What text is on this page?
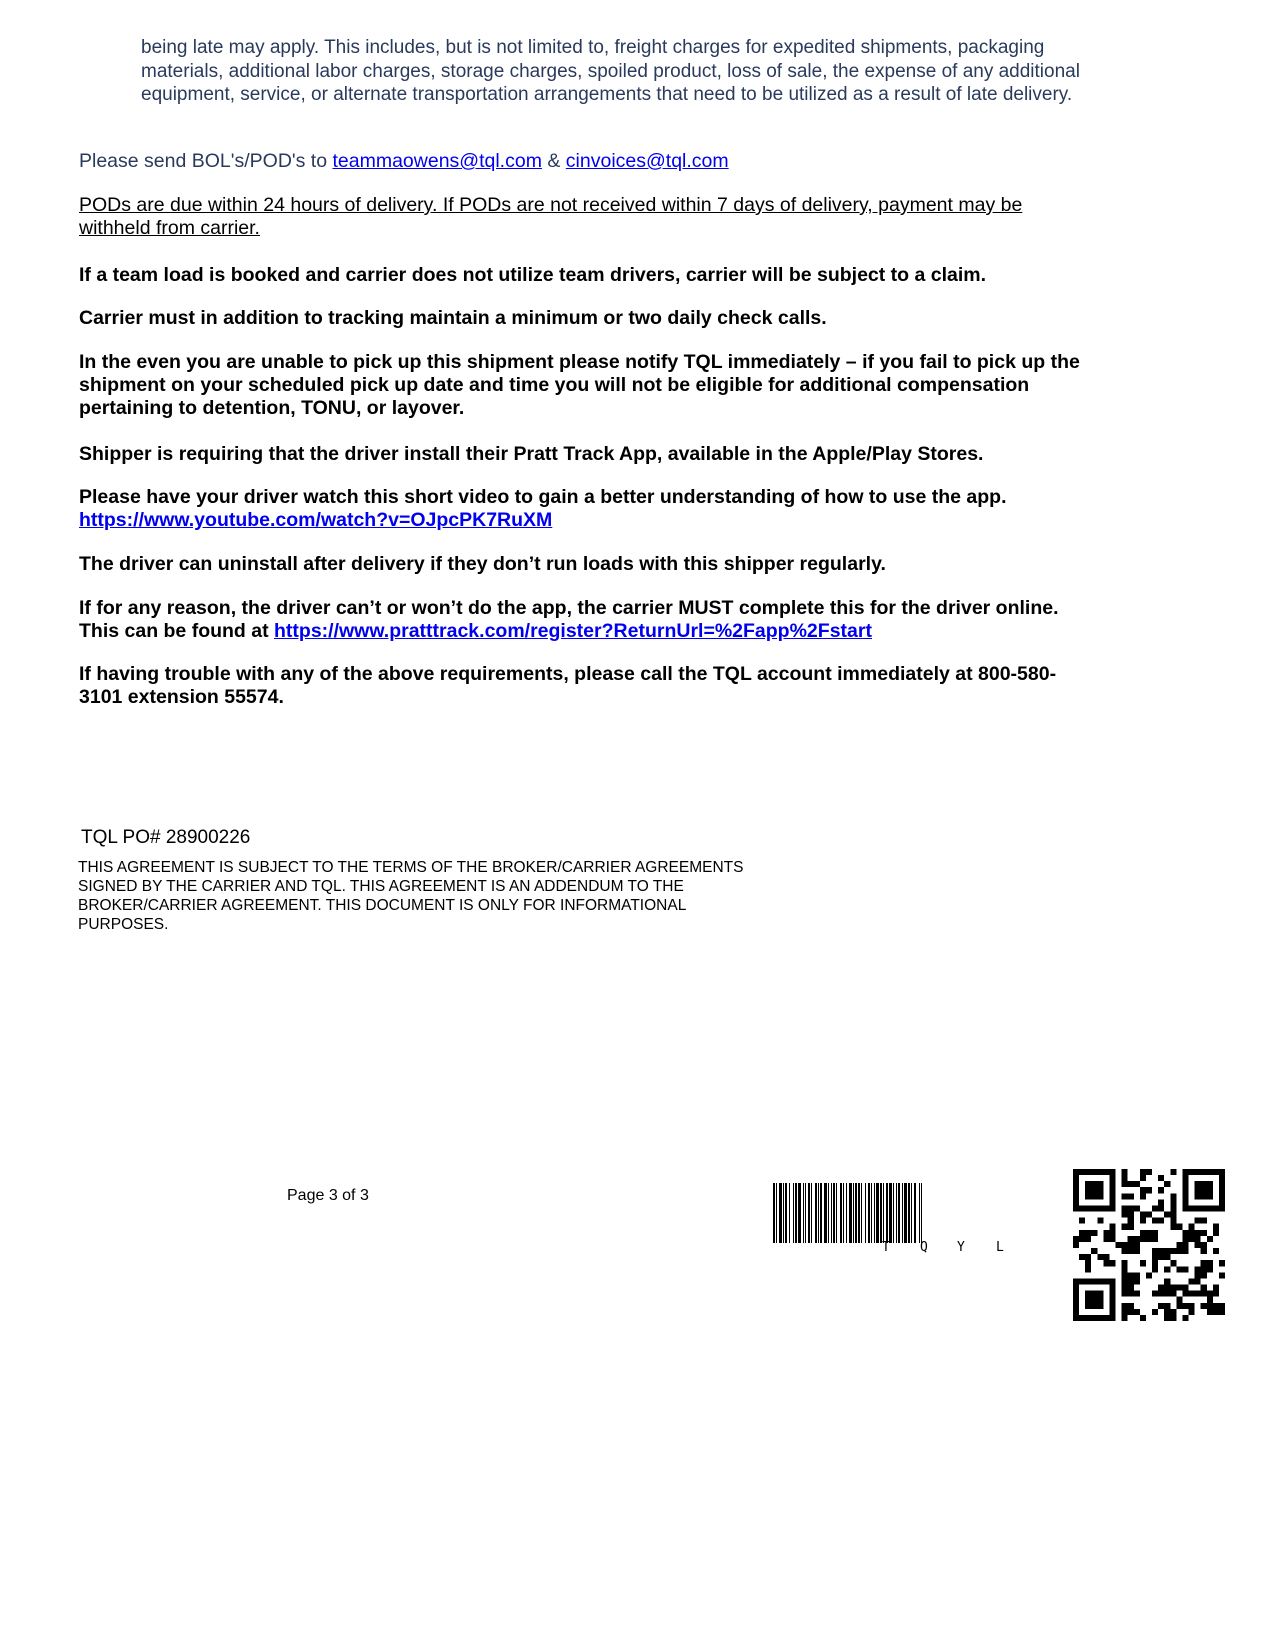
being late may apply. This includes, but is not limited to, freight charges for expedited shipments, packaging materials, additional labor charges, storage charges, spoiled product, loss of sale, the expense of any additional equipment, service, or alternate transportation arrangements that need to be utilized as a result of late delivery.
Please send BOL's/POD's to teammaowens@tql.com & cinvoices@tql.com
PODs are due within 24 hours of delivery. If PODs are not received within 7 days of delivery, payment may be withheld from carrier.
If a team load is booked and carrier does not utilize team drivers, carrier will be subject to a claim.
Carrier must in addition to tracking maintain a minimum or two daily check calls.
In the even you are unable to pick up this shipment please notify TQL immediately – if you fail to pick up the shipment on your scheduled pick up date and time you will not be eligible for additional compensation pertaining to detention, TONU, or layover.
Shipper is requiring that the driver install their Pratt Track App, available in the Apple/Play Stores.
Please have your driver watch this short video to gain a better understanding of how to use the app. https://www.youtube.com/watch?v=OJpcPK7RuXM
The driver can uninstall after delivery if they don’t run loads with this shipper regularly.
If for any reason, the driver can’t or won’t do the app, the carrier MUST complete this for the driver online. This can be found at https://www.pratttrack.com/register?ReturnUrl=%2Fapp%2Fstart
If having trouble with any of the above requirements, please call the TQL account immediately at 800-580-3101 extension 55574.
TQL PO# 28900226
THIS AGREEMENT IS SUBJECT TO THE TERMS OF THE BROKER/CARRIER AGREEMENTS SIGNED BY THE CARRIER AND TQL. THIS AGREEMENT IS AN ADDENDUM TO THE BROKER/CARRIER AGREEMENT. THIS DOCUMENT IS ONLY FOR INFORMATIONAL PURPOSES.
Page 3 of 3
T Q Y L
